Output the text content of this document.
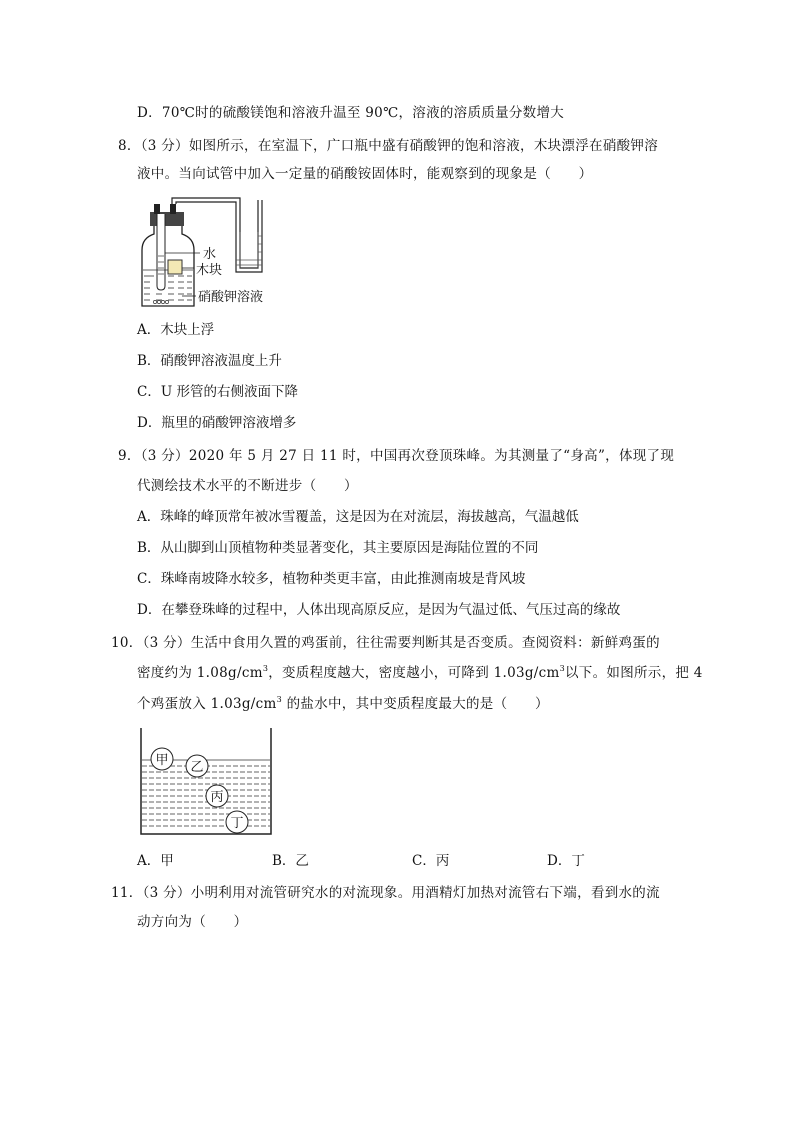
D．70℃时的硫酸镁饱和溶液升温至 90℃，溶液的溶质质量分数增大
8．（3 分）如图所示，在室温下，广口瓶中盛有硝酸钾的饱和溶液，木块漂浮在硝酸钾溶
液中。当向试管中加入一定量的硝酸铵固体时，能观察到的现象是（　　）
水
木块
硝酸钾溶液
A．木块上浮
B．硝酸钾溶液温度上升
C．U 形管的右侧液面下降
D．瓶里的硝酸钾溶液增多
9．（3 分）2020 年 5 月 27 日 11 时，中国再次登顶珠峰。为其测量了“身高”，体现了现
代测绘技术水平的不断进步（　　）
A．珠峰的峰顶常年被冰雪覆盖，这是因为在对流层，海拔越高，气温越低
B．从山脚到山顶植物种类显著变化，其主要原因是海陆位置的不同
C．珠峰南坡降水较多，植物种类更丰富，由此推测南坡是背风坡
D．在攀登珠峰的过程中，人体出现高原反应，是因为气温过低、气压过高的缘故
10．（3 分）生活中食用久置的鸡蛋前，往往需要判断其是否变质。查阅资料：新鲜鸡蛋的
密度约为 $1.08g/cm^3$，变质程度越大，密度越小，可降到 $1.03g/cm^3$以下。如图所示，把 4
个鸡蛋放入 $1.03g/cm^3$ 的盐水中，其中变质程度最大的是（　　）
甲 乙
丙
丁
A．甲	B．乙	C．丙	D．丁
11．（3 分）小明利用对流管研究水的对流现象。用酒精灯加热对流管右下端，看到水的流
动方向为（　　）
